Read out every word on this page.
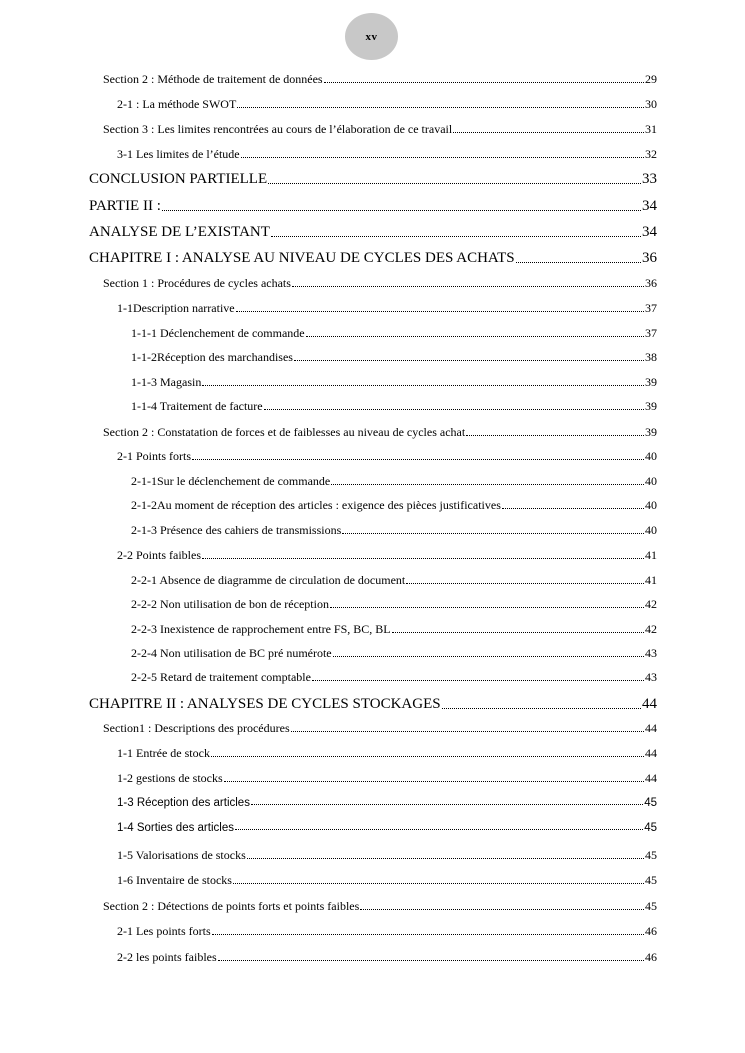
xv
Section 2 : Méthode de traitement de données	29
2-1 : La méthode SWOT	30
Section 3 : Les limites rencontrées au cours de l’élaboration de ce travail	31
3-1 Les limites de l’étude	32
CONCLUSION PARTIELLE	33
PARTIE II :	34
ANALYSE DE L’EXISTANT	34
CHAPITRE I : ANALYSE AU NIVEAU DE CYCLES DES ACHATS	36
Section 1 : Procédures de cycles achats	36
1-1Description narrative	37
1-1-1 Déclenchement de commande	37
1-1-2Réception des marchandises	38
1-1-3 Magasin	39
1-1-4 Traitement de facture	39
Section 2 : Constatation de forces et de faiblesses au niveau de cycles achat	39
2-1 Points forts	40
2-1-1Sur le déclenchement de commande	40
2-1-2Au moment de réception des articles : exigence des pièces justificatives	40
2-1-3 Présence des cahiers de transmissions	40
2-2 Points faibles	41
2-2-1 Absence de diagramme de circulation de document	41
2-2-2 Non utilisation de bon de réception	42
2-2-3 Inexistence de rapprochement entre FS, BC, BL	42
2-2-4 Non utilisation de BC pré numérote	43
2-2-5 Retard de traitement comptable	43
CHAPITRE II : ANALYSES DE CYCLES STOCKAGES	44
Section1 : Descriptions des procédures	44
1-1 Entrée de stock	44
1-2 gestions de stocks	44
1-3 Réception des articles	45
1-4 Sorties des articles	45
1-5 Valorisations de stocks	45
1-6 Inventaire de stocks	45
Section 2 : Détections de points forts et points faibles	45
2-1 Les points forts	46
2-2 les points faibles	46
